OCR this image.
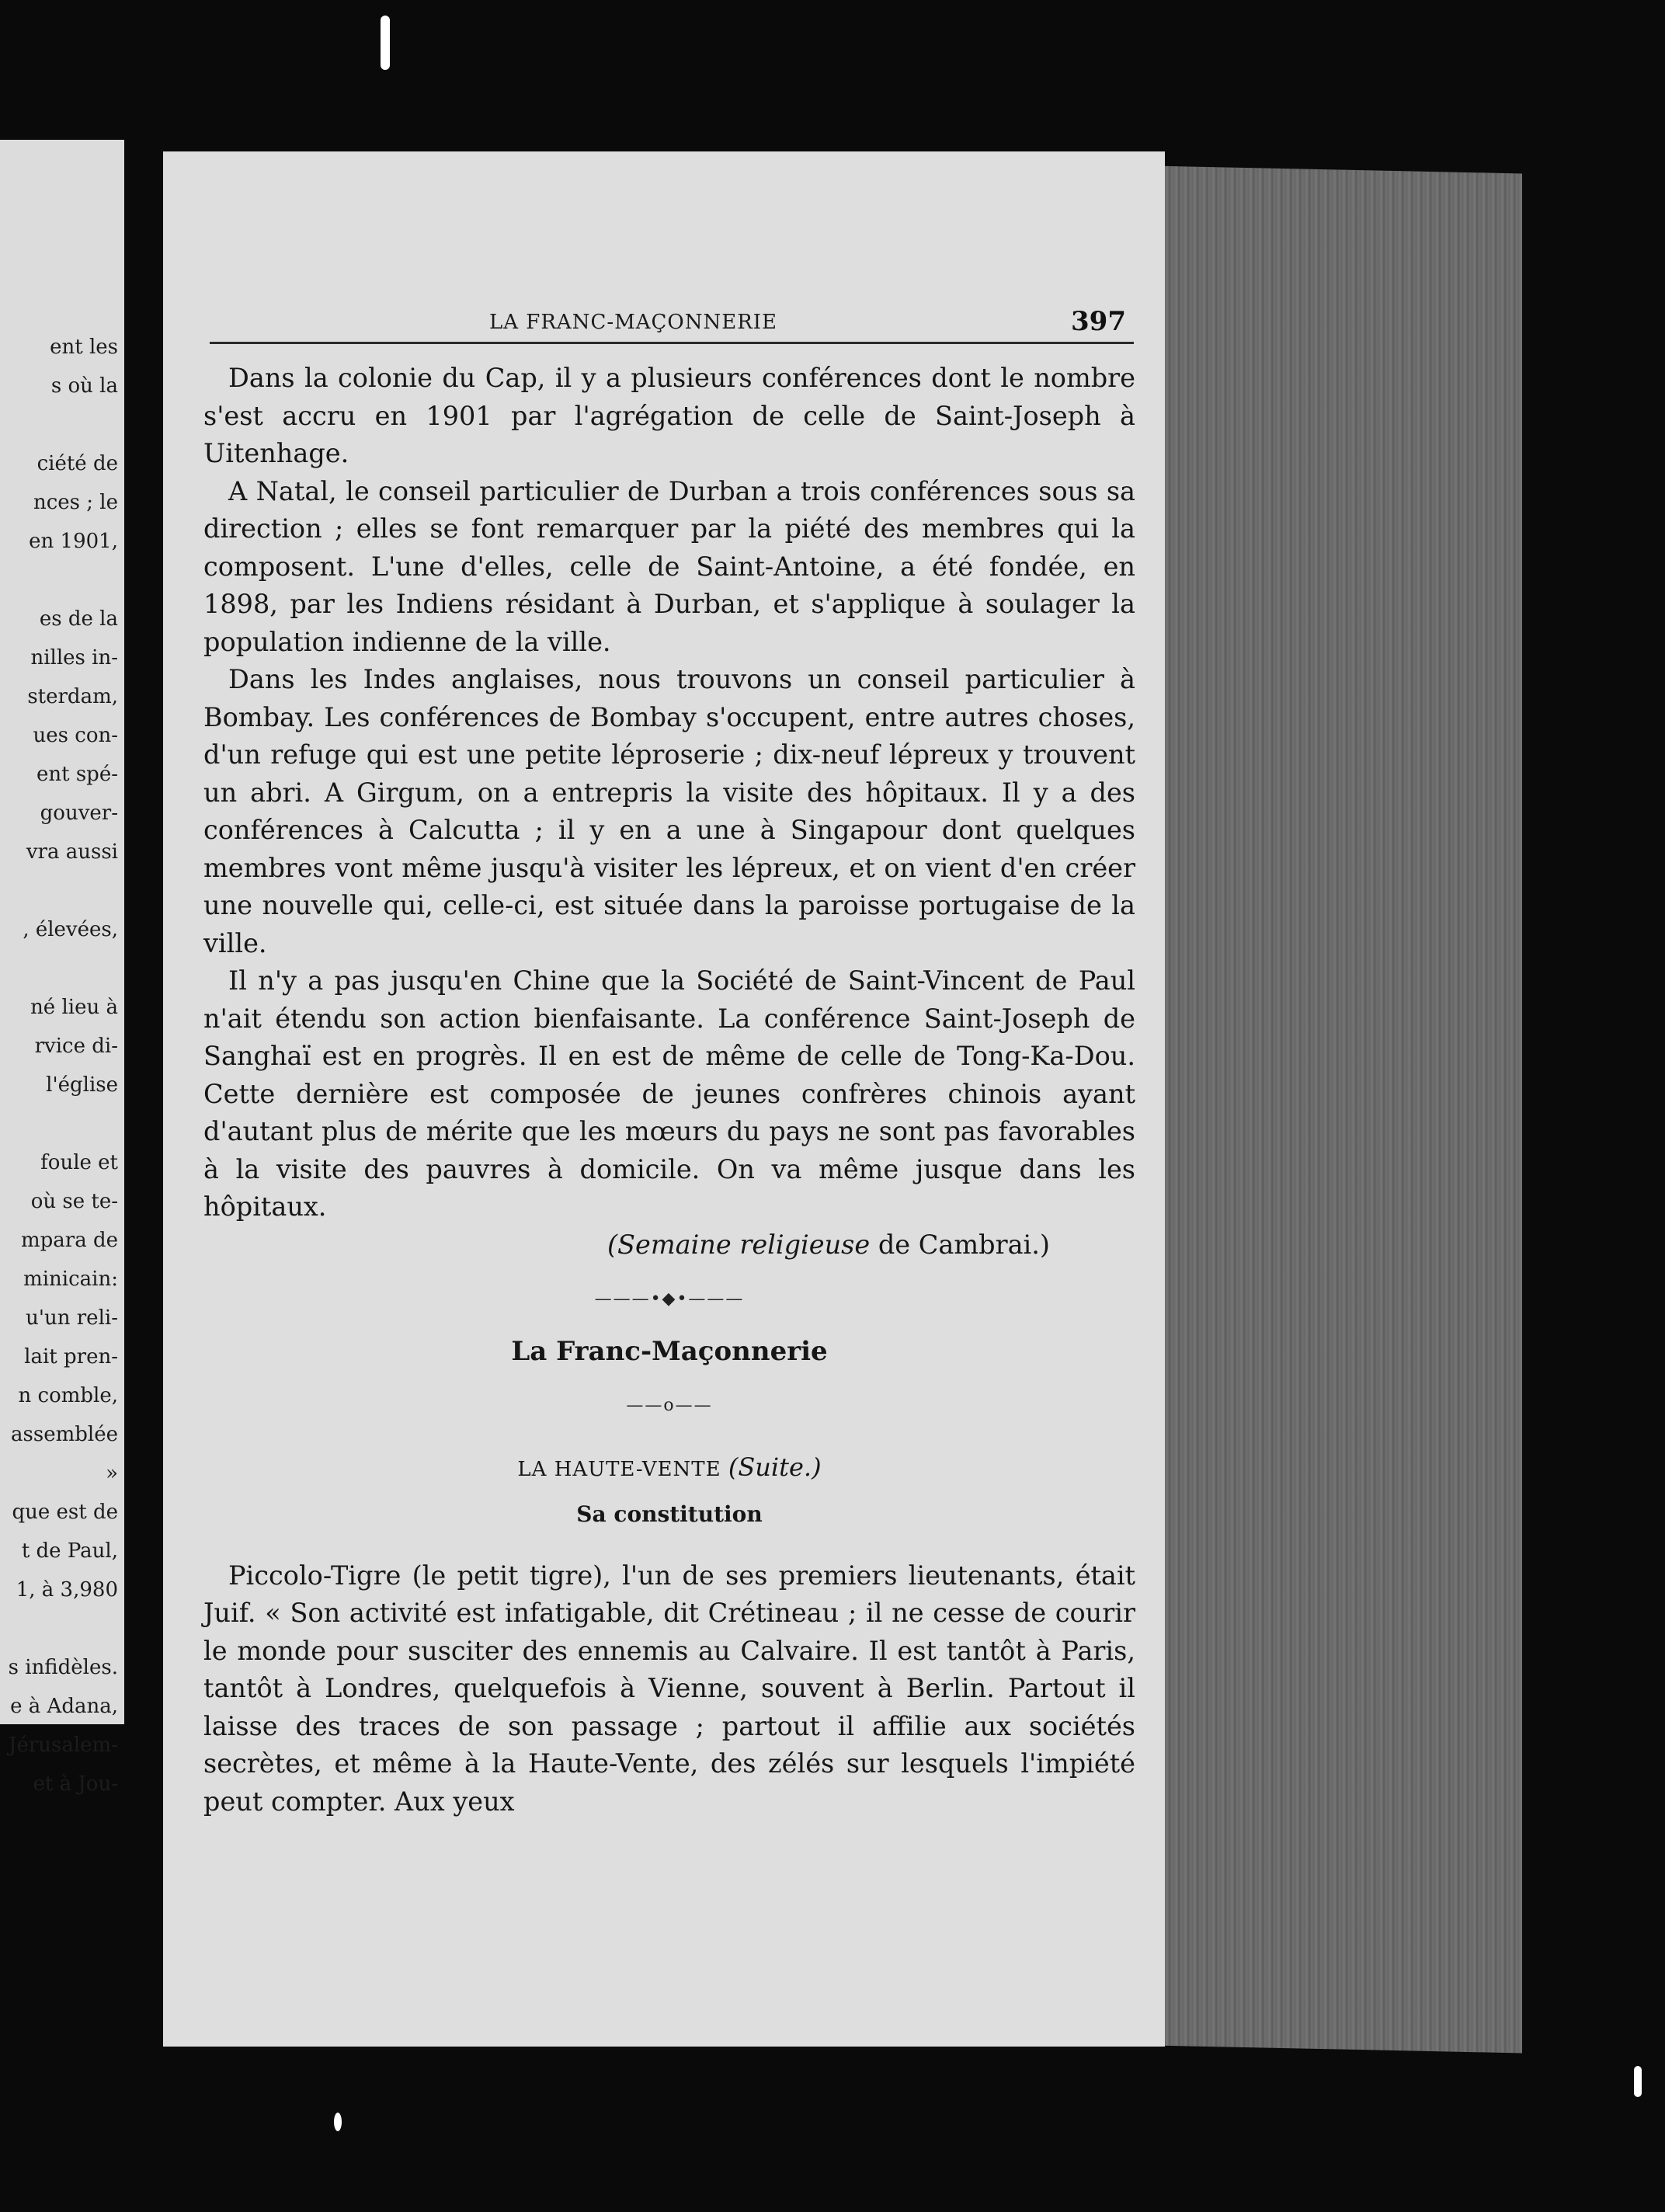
ent les
s où la
ciété de
nces ; le
en 1901,
es de la
nilles in-
sterdam,
ues con-
ent spé-
gouver-
vra aussi
, élevées,
né lieu à
rvice di-
l'église
foule et
où se te-
mpara de
minicain:
u'un reli-
lait pren-
n comble,
assemblée
»
que est de
t de Paul,
1, à 3,980
s infidèles.
e à Adana,
Jérusalem-
et à Jou-
LA FRANC-MAÇONNERIE	397

Dans la colonie du Cap, il y a plusieurs conférences dont le nombre s'est accru en 1901 par l'agrégation de celle de Saint-Joseph à Uitenhage.

A Natal, le conseil particulier de Durban a trois conférences sous sa direction ; elles se font remarquer par la piété des membres qui la composent. L'une d'elles, celle de Saint-Antoine, a été fondée, en 1898, par les Indiens résidant à Durban, et s'applique à soulager la population indienne de la ville.

Dans les Indes anglaises, nous trouvons un conseil particulier à Bombay. Les conférences de Bombay s'occupent, entre autres choses, d'un refuge qui est une petite léproserie ; dix-neuf lépreux y trouvent un abri. A Girgum, on a entrepris la visite des hôpitaux. Il y a des conférences à Calcutta ; il y en a une à Singapour dont quelques membres vont même jusqu'à visiter les lépreux, et on vient d'en créer une nouvelle qui, celle-ci, est située dans la paroisse portugaise de la ville.

Il n'y a pas jusqu'en Chine que la Société de Saint-Vincent de Paul n'ait étendu son action bienfaisante. La conférence Saint-Joseph de Sanghaï est en progrès. Il en est de même de celle de Tong-Ka-Dou. Cette dernière est composée de jeunes confrères chinois ayant d'autant plus de mérite que les mœurs du pays ne sont pas favorables à la visite des pauvres à domicile. On va même jusque dans les hôpitaux.

(Semaine religieuse de Cambrai.)
———•◆•———
La Franc-Maçonnerie
——o——
LA HAUTE-VENTE (Suite.)
Sa constitution

Piccolo-Tigre (le petit tigre), l'un de ses premiers lieutenants, était Juif. « Son activité est infatigable, dit Crétineau ; il ne cesse de courir le monde pour susciter des ennemis au Calvaire. Il est tantôt à Paris, tantôt à Londres, quelquefois à Vienne, souvent à Berlin. Partout il laisse des traces de son passage ; partout il affilie aux sociétés secrètes, et même à la Haute-Vente, des zélés sur lesquels l'impiété peut compter. Aux yeux
